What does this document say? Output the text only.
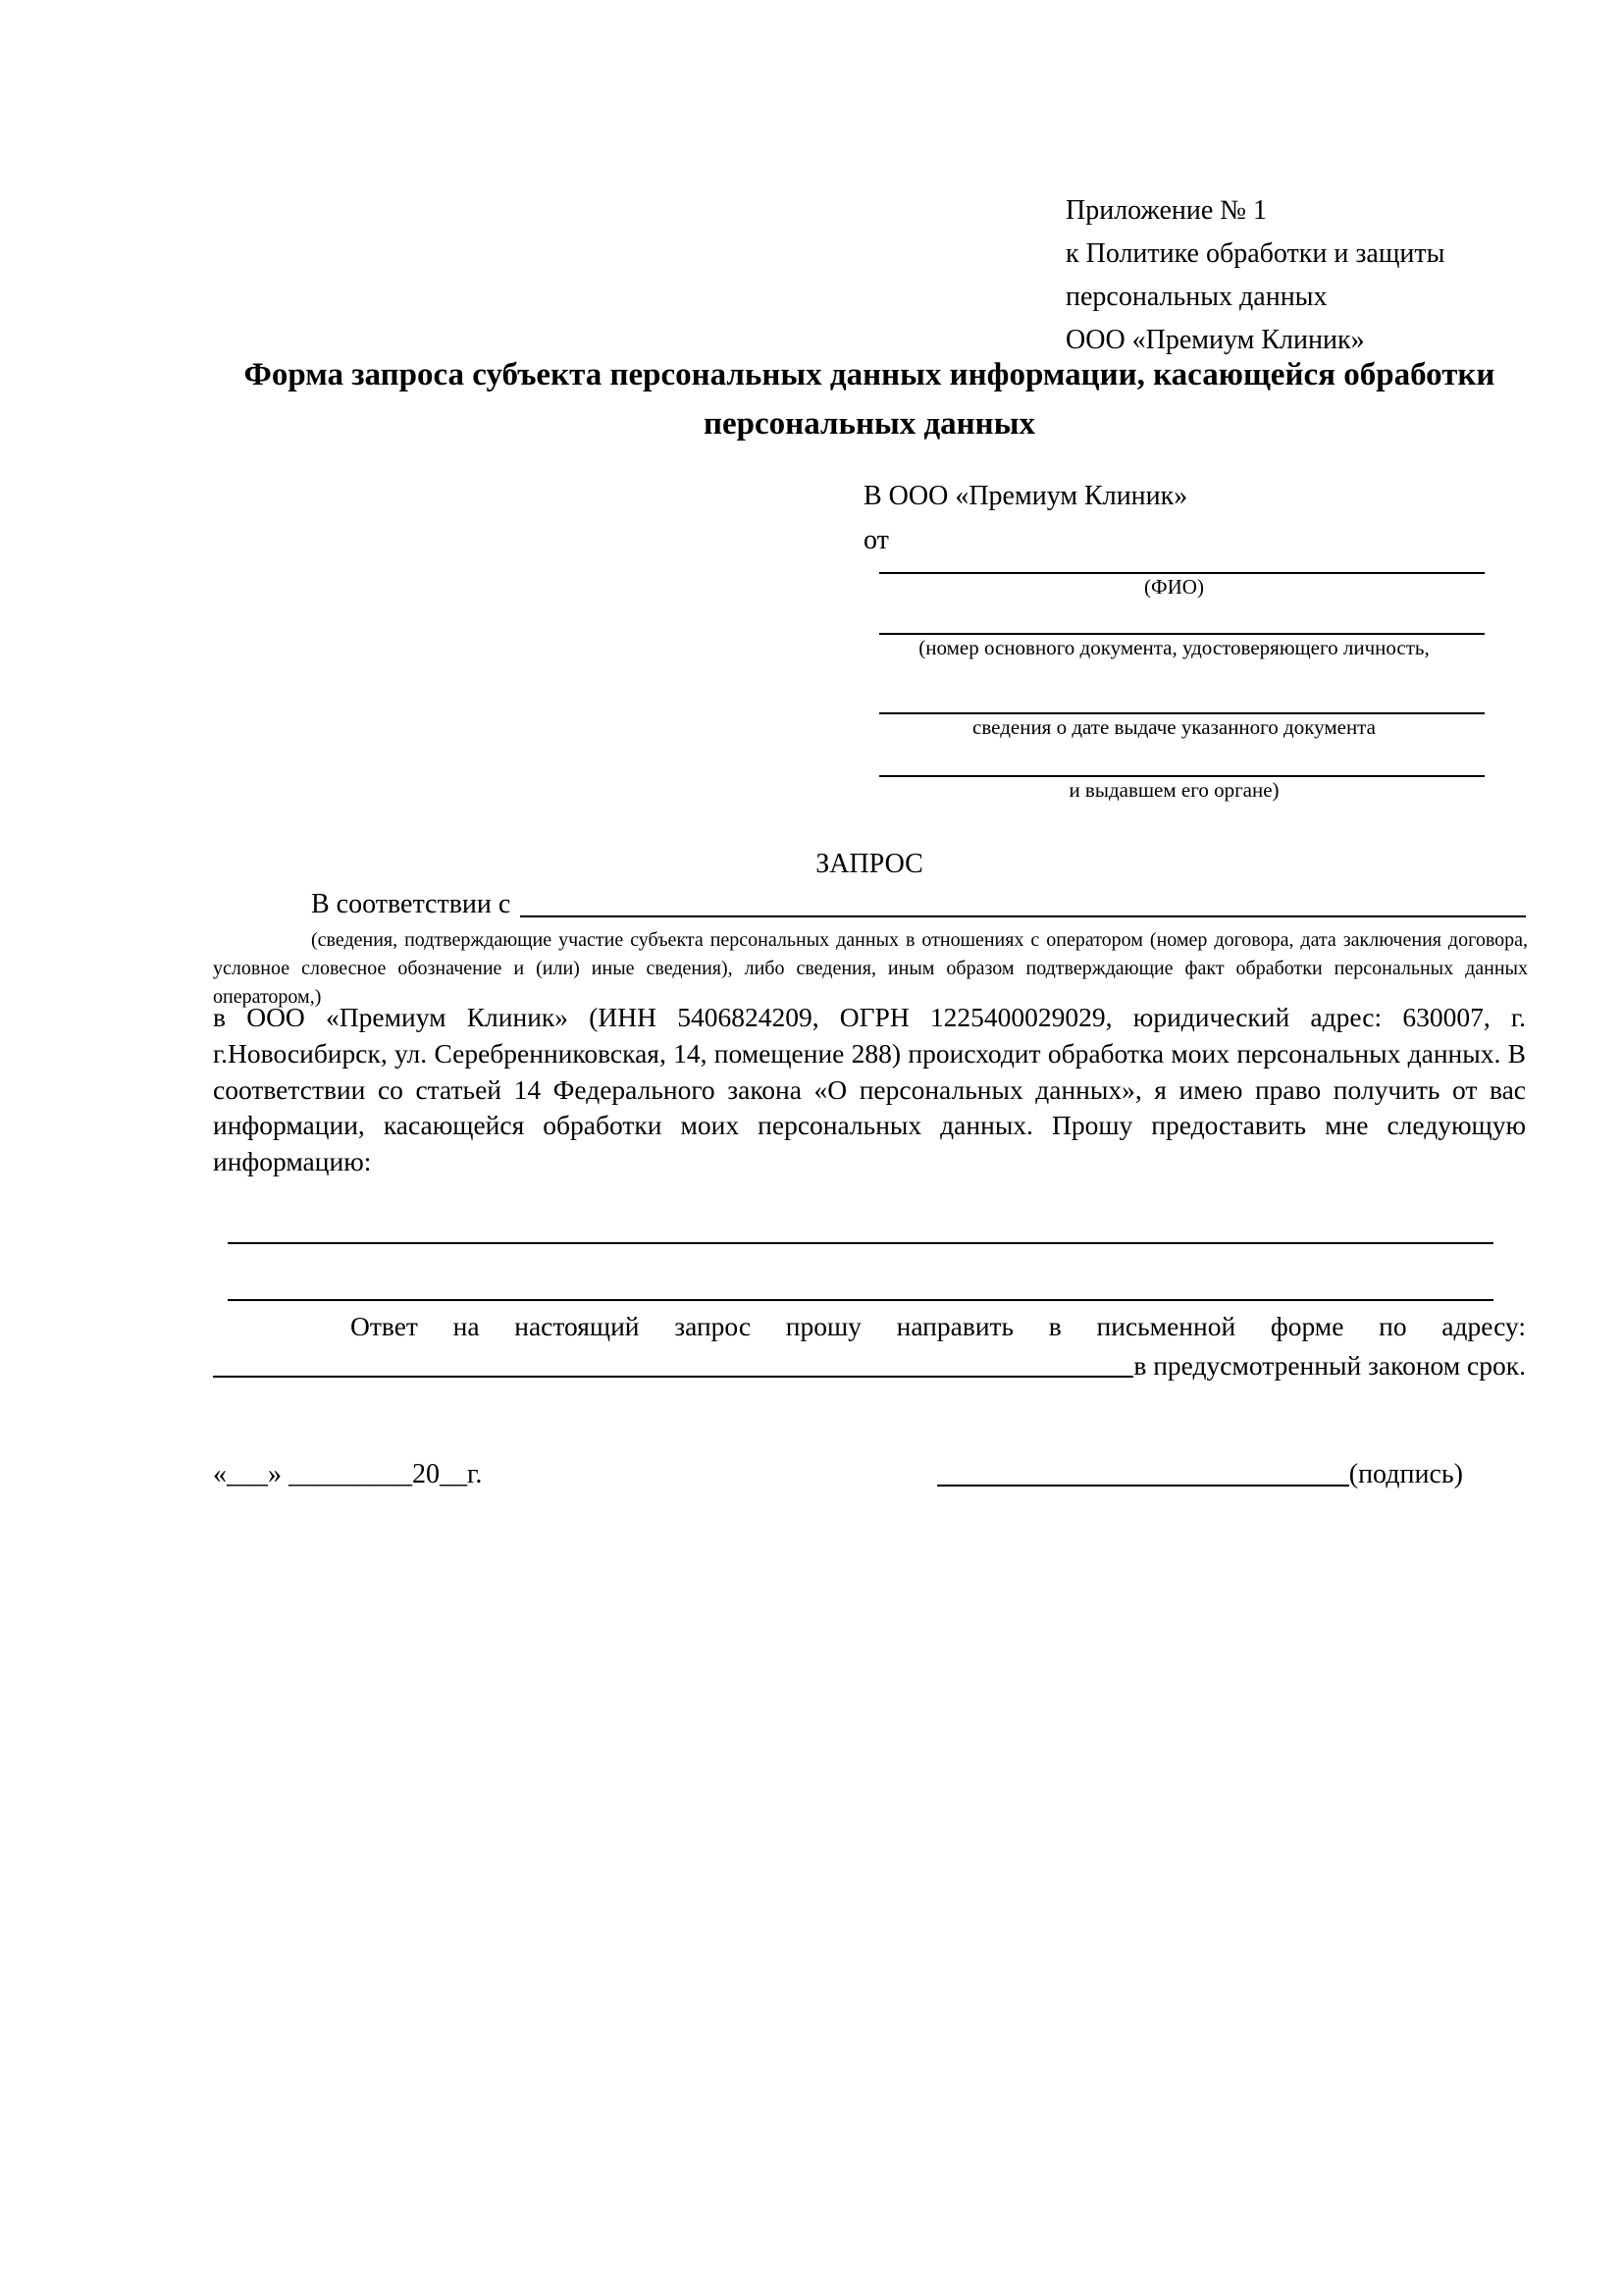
Приложение № 1
к Политике обработки и защиты
персональных данных
ООО «Премиум Клиник»
Форма запроса субъекта персональных данных информации, касающейся обработки персональных данных
В ООО «Премиум Клиник»
от
(ФИО)
(номер основного документа, удостоверяющего личность,
сведения о дате выдаче указанного документа
и выдавшем его органе)
ЗАПРОС
В соответствии с
(сведения, подтверждающие участие субъекта персональных данных в отношениях с оператором (номер договора, дата заключения договора, условное словесное обозначение и (или) иные сведения), либо сведения, иным образом подтверждающие факт обработки персональных данных оператором,)
в ООО «Премиум Клиник» (ИНН 5406824209, ОГРН 1225400029029, юридический адрес: 630007, г. г.Новосибирск, ул. Серебренниковская, 14, помещение 288) происходит обработка моих персональных данных. В соответствии со статьей 14 Федерального закона «О персональных данных», я имею право получить от вас информации, касающейся обработки моих персональных данных. Прошу предоставить мне следующую информацию:
Ответ на настоящий запрос прошу направить в письменной форме по адресу:
в предусмотренный законом срок.
«___» _________20__г.	(подпись)
